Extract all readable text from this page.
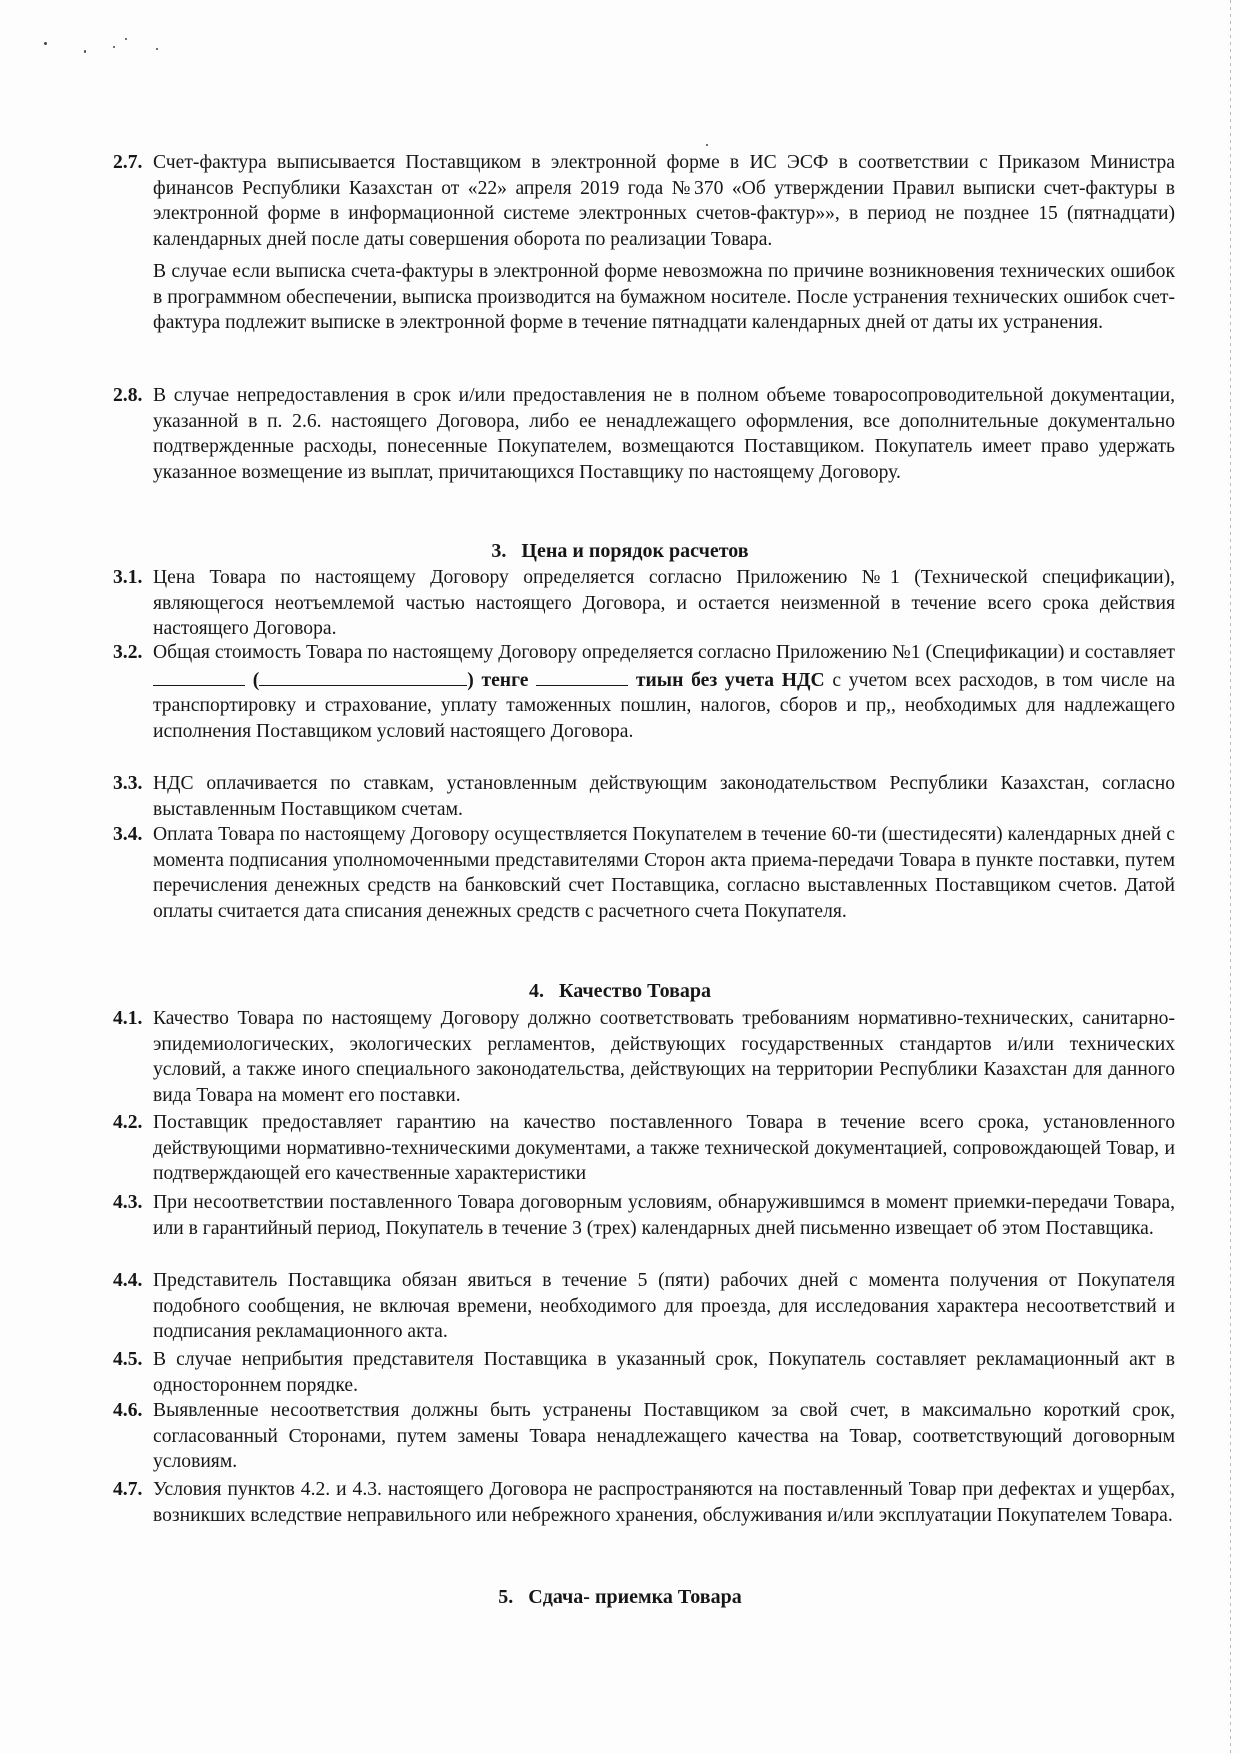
2.7. Счет-фактура выписывается Поставщиком в электронной форме в ИС ЭСФ в соответствии с Приказом Министра финансов Республики Казахстан от «22» апреля 2019 года №370 «Об утверждении Правил выписки счет-фактуры в электронной форме в информационной системе электронных счетов-фактур»», в период не позднее 15 (пятнадцати) календарных дней после даты совершения оборота по реализации Товара.

В случае если выписка счета-фактуры в электронной форме невозможна по причине возникновения технических ошибок в программном обеспечении, выписка производится на бумажном носителе. После устранения технических ошибок счет-фактура подлежит выписке в электронной форме в течение пятнадцати календарных дней от даты их устранения.

2.8. В случае непредоставления в срок и/или предоставления не в полном объеме товаросопроводительной документации, указанной в п. 2.6. настоящего Договора, либо ее ненадлежащего оформления, все дополнительные документально подтвержденные расходы, понесенные Покупателем, возмещаются Поставщиком. Покупатель имеет право удержать указанное возмещение из выплат, причитающихся Поставщику по настоящему Договору.

3. Цена и порядок расчетов
3.1. Цена Товара по настоящему Договору определяется согласно Приложению №1 (Технической спецификации), являющегося неотъемлемой частью настоящего Договора, и остается неизменной в течение всего срока действия настоящего Договора.

3.2. Общая стоимость Товара по настоящему Договору определяется согласно Приложению №1 (Спецификации) и составляет  (	) тенге	тиын без учета НДС с учетом всех расходов, в том числе на транспортировку и страхование, уплату таможенных пошлин, налогов, сборов и пр,, необходимых для надлежащего исполнения Поставщиком условий настоящего Договора.

3.3. НДС оплачивается по ставкам, установленным действующим законодательством Республики Казахстан, согласно выставленным Поставщиком счетам.

3.4. Оплата Товара по настоящему Договору осуществляется Покупателем в течение 60-ти (шестидесяти) календарных дней с момента подписания уполномоченными представителями Сторон акта приема-передачи Товара в пункте поставки, путем перечисления денежных средств на банковский счет Поставщика, согласно выставленных Поставщиком счетов. Датой оплаты считается дата списания денежных средств с расчетного счета Покупателя.

4. Качество Товара
4.1. Качество Товара по настоящему Договору должно соответствовать требованиям нормативно-технических, санитарно-эпидемиологических, экологических регламентов, действующих государственных стандартов и/или технических условий, а также иного специального законодательства, действующих на территории Республики Казахстан для данного вида Товара на момент его поставки.

4.2. Поставщик предоставляет гарантию на качество поставленного Товара в течение всего срока, установленного действующими нормативно-техническими документами, а также технической документацией, сопровождающей Товар, и подтверждающей его качественные характеристики

4.3. При несоответствии поставленного Товара договорным условиям, обнаружившимся в момент приемки-передачи Товара, или в гарантийный период, Покупатель в течение 3 (трех) календарных дней письменно извещает об этом Поставщика.

4.4. Представитель Поставщика обязан явиться в течение 5 (пяти) рабочих дней с момента получения от Покупателя подобного сообщения, не включая времени, необходимого для проезда, для исследования характера несоответствий и подписания рекламационного акта.

4.5. В случае неприбытия представителя Поставщика в указанный срок, Покупатель составляет рекламационный акт в одностороннем порядке.

4.6. Выявленные несоответствия должны быть устранены Поставщиком за свой счет, в максимально короткий срок, согласованный Сторонами, путем замены Товара ненадлежащего качества на Товар, соответствующий договорным условиям.

4.7. Условия пунктов 4.2. и 4.3. настоящего Договора не распространяются на поставленный Товар при дефектах и ущербах, возникших вследствие неправильного или небрежного хранения, обслуживания и/или эксплуатации Покупателем Товара.

5. Сдача- приемка Товара
